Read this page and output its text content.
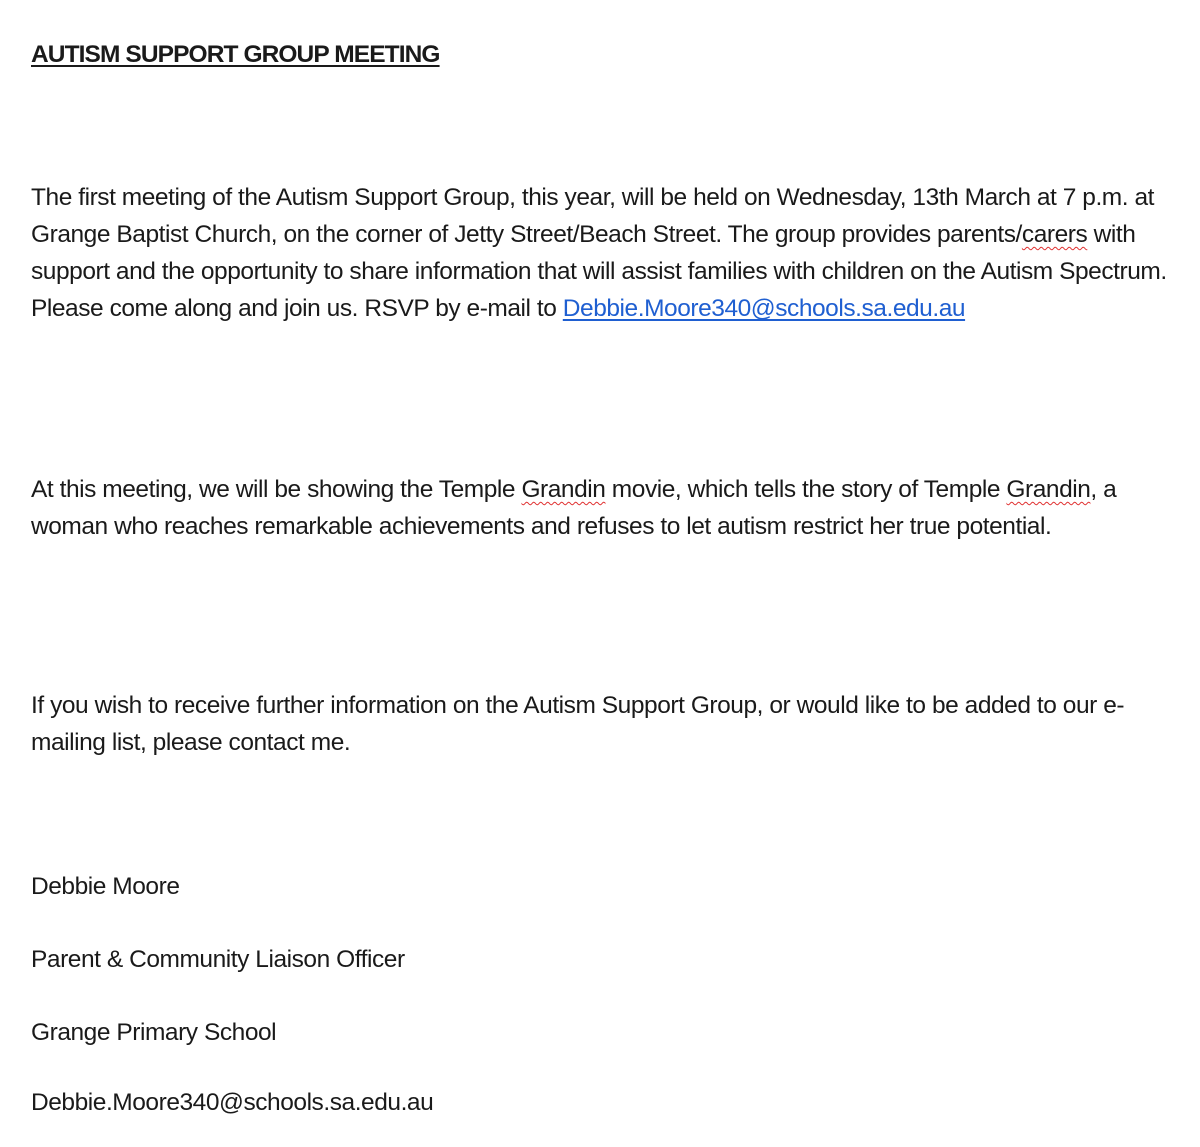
AUTISM SUPPORT GROUP MEETING

The first meeting of the Autism Support Group, this year, will be held on Wednesday, 13th March at 7 p.m. at Grange Baptist Church, on the corner of Jetty Street/Beach Street. The group provides parents/carers with support and the opportunity to share information that will assist families with children on the Autism Spectrum. Please come along and join us. RSVP by e-mail to Debbie.Moore340@schools.sa.edu.au

At this meeting, we will be showing the Temple Grandin movie, which tells the story of Temple Grandin, a woman who reaches remarkable achievements and refuses to let autism restrict her true potential.

If you wish to receive further information on the Autism Support Group, or would like to be added to our e-mailing list, please contact me.

Debbie Moore

Parent & Community Liaison Officer

Grange Primary School

Debbie.Moore340@schools.sa.edu.au
